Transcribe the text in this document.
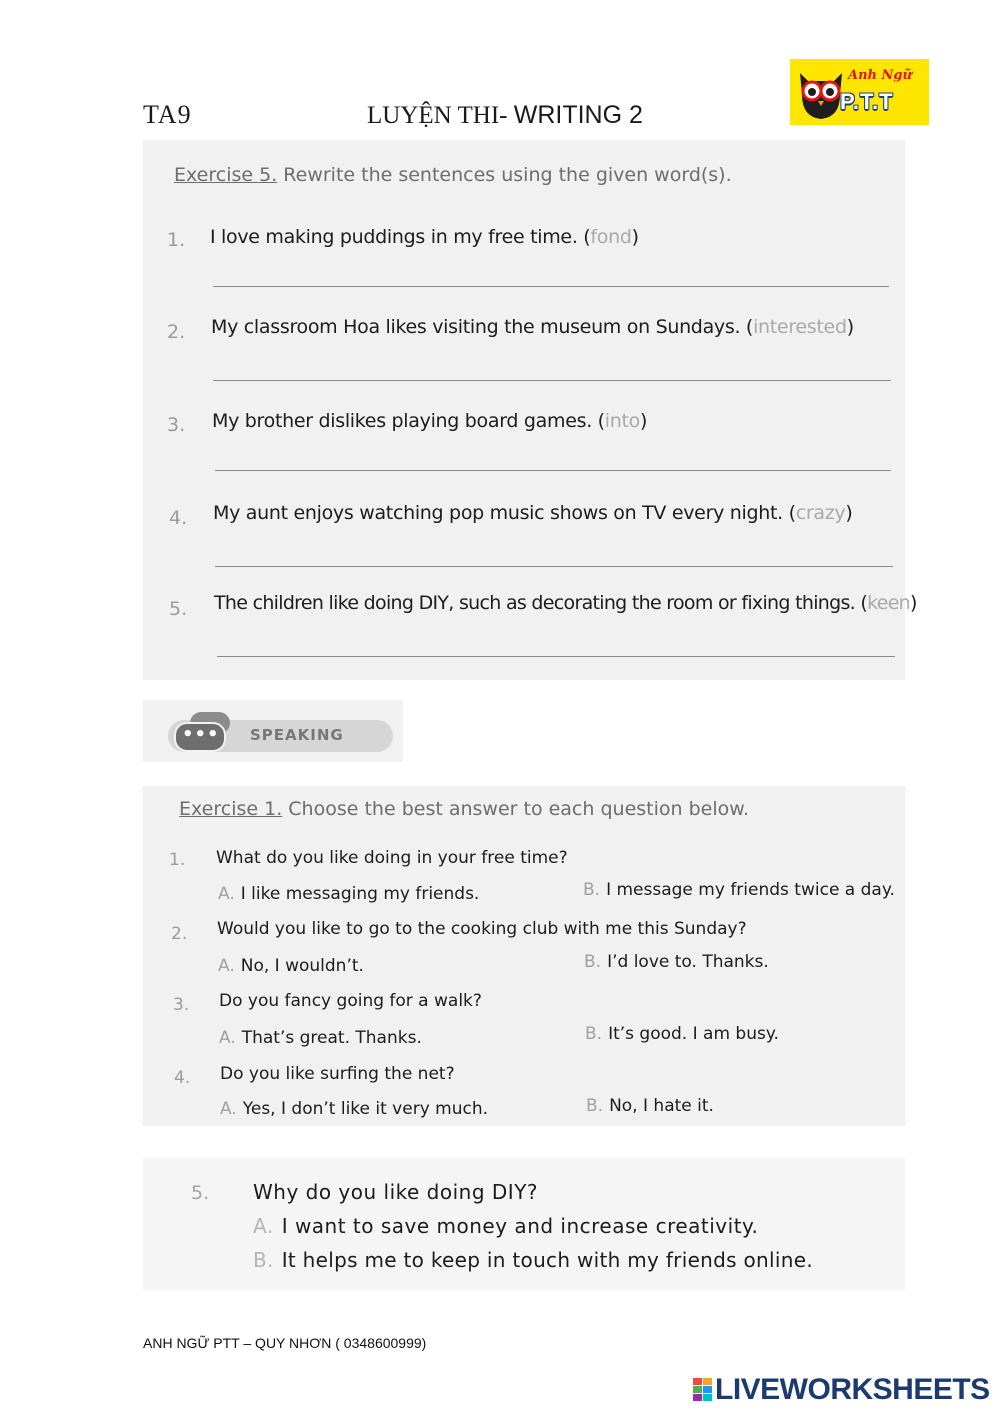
TA9	LUYỆN THI- WRITING 2
Anh Ngữ
P.T.T
Exercise 5. Rewrite the sentences using the given word(s).
1. I love making puddings in my free time. (fond)
2. My classroom Hoa likes visiting the museum on Sundays. (interested)
3. My brother dislikes playing board games. (into)
4. My aunt enjoys watching pop music shows on TV every night. (crazy)
5. The children like doing DIY, such as decorating the room or fixing things. (keen)
••• SPEAKING
Exercise 1. Choose the best answer to each question below.
1. What do you like doing in your free time?
A. I like messaging my friends.	B. I message my friends twice a day.
2. Would you like to go to the cooking club with me this Sunday?
A. No, I wouldn’t.	B. I’d love to. Thanks.
3. Do you fancy going for a walk?
A. That’s great. Thanks.	B. It’s good. I am busy.
4. Do you like surfing the net?
A. Yes, I don’t like it very much.	B. No, I hate it.
5. Why do you like doing DIY?
A. I want to save money and increase creativity.
B. It helps me to keep in touch with my friends online.
ANH NGỮ PTT – QUY NHƠN ( 0348600999)
LIVEWORKSHEETS
